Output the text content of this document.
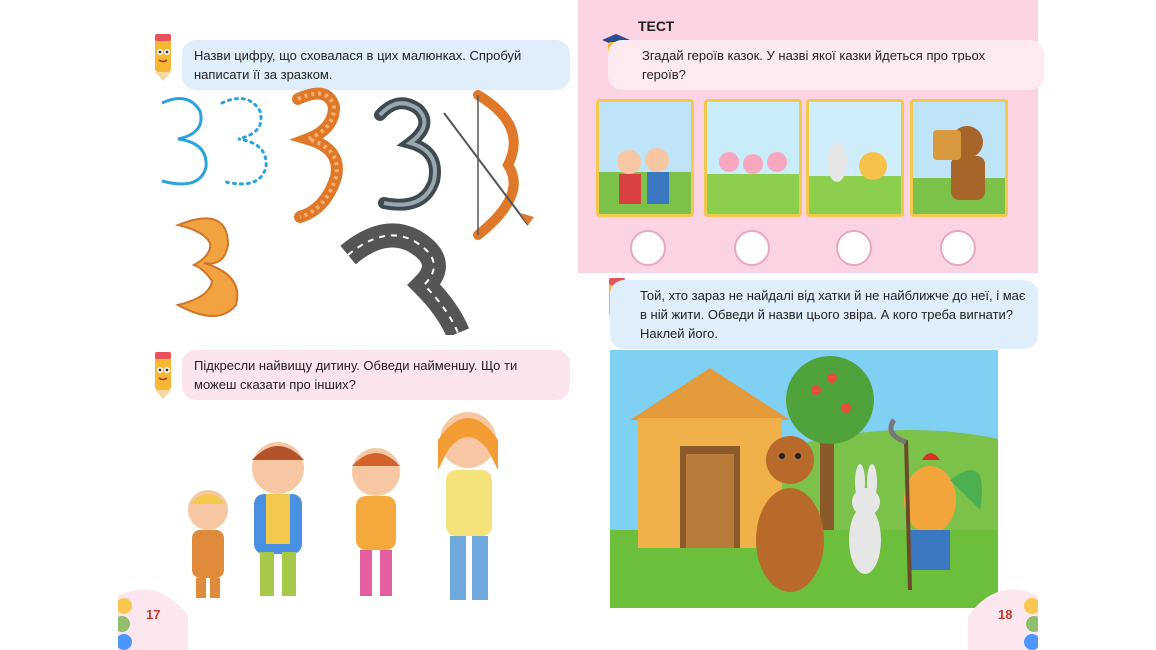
Назви цифру, що сховалася в цих малюнках. Спробуй написати її за зразком.
Підкресли найвищу дитину. Обведи найменшу. Що ти можеш сказати про інших?
17
ТЕСТ
Згадай героїв казок. У назві якої казки йдеться про трьох героїв?
Той, хто зараз не найдалі від хатки й не найближче до неї, і має в ній жити. Обведи й назви цього звіра. А кого треба вигнати? Наклей його.
18
